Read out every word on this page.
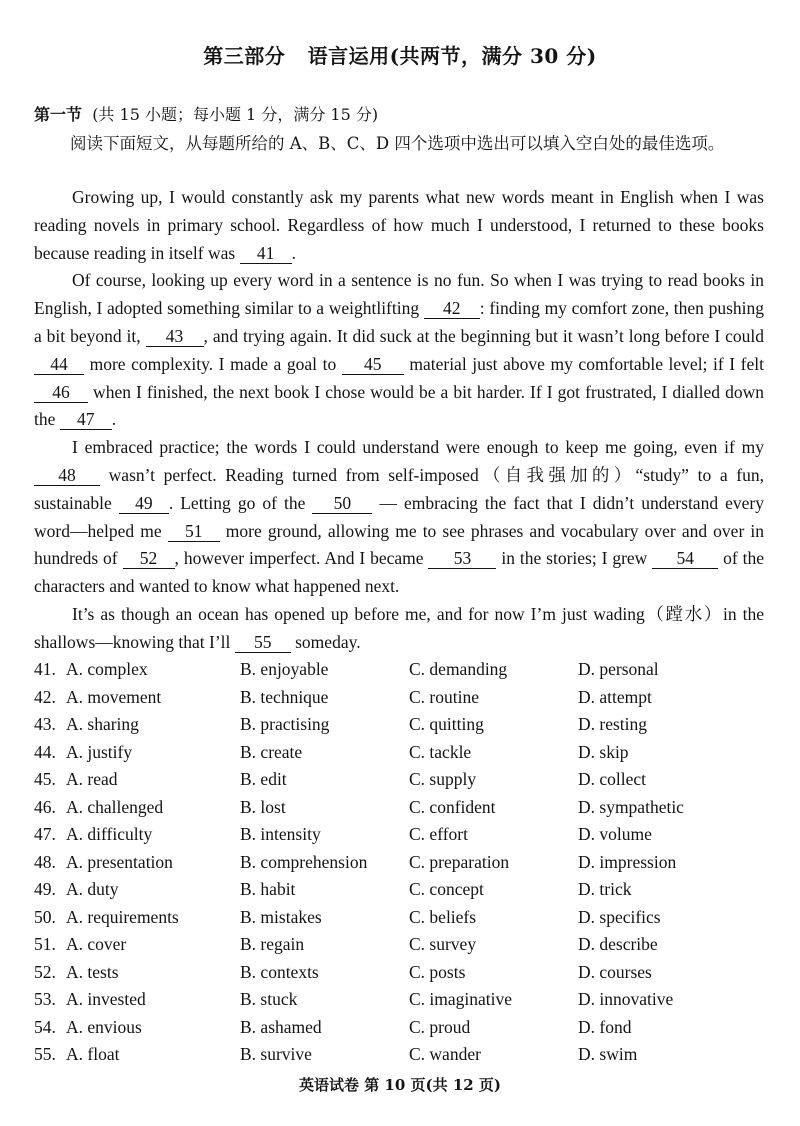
第三部分   语言运用(共两节，满分 30 分)
第一节 (共 15 小题；每小题 1 分，满分 15 分)
阅读下面短文，从每题所给的 A、B、C、D 四个选项中选出可以填入空白处的最佳选项。

Growing up, I would constantly ask my parents what new words meant in English when I was reading novels in primary school. Regardless of how much I understood, I returned to these books because reading in itself was 41 .

Of course, looking up every word in a sentence is no fun. So when I was trying to read books in English, I adopted something similar to a weightlifting 42 : finding my comfort zone, then pushing a bit beyond it, 43 , and trying again. It did suck at the beginning but it wasn’t long before I could 44 more complexity. I made a goal to 45 material just above my comfortable level; if I felt 46 when I finished, the next book I chose would be a bit harder. If I got frustrated, I dialled down the 47 .

I embraced practice; the words I could understand were enough to keep me going, even if my 48 wasn’t perfect. Reading turned from self-imposed（自我强加的）“study” to a fun, sustainable 49 . Letting go of the 50 — embracing the fact that I didn’t understand every word—helped me 51 more ground, allowing me to see phrases and vocabulary over and over in hundreds of 52 , however imperfect. And I became 53 in the stories; I grew 54 of the characters and wanted to know what happened next.

It’s as though an ocean has opened up before me, and for now I’m just wading（蹚水）in the shallows—knowing that I’ll 55 someday.

41. A. complex	B. enjoyable	C. demanding	D. personal
42. A. movement	B. technique	C. routine	D. attempt
43. A. sharing	B. practising	C. quitting	D. resting
44. A. justify	B. create	C. tackle	D. skip
45. A. read	B. edit	C. supply	D. collect
46. A. challenged	B. lost	C. confident	D. sympathetic
47. A. difficulty	B. intensity	C. effort	D. volume
48. A. presentation	B. comprehension	C. preparation	D. impression
49. A. duty	B. habit	C. concept	D. trick
50. A. requirements	B. mistakes	C. beliefs	D. specifics
51. A. cover	B. regain	C. survey	D. describe
52. A. tests	B. contexts	C. posts	D. courses
53. A. invested	B. stuck	C. imaginative	D. innovative
54. A. envious	B. ashamed	C. proud	D. fond
55. A. float	B. survive	C. wander	D. swim
英语试卷 第 10 页(共 12 页)
